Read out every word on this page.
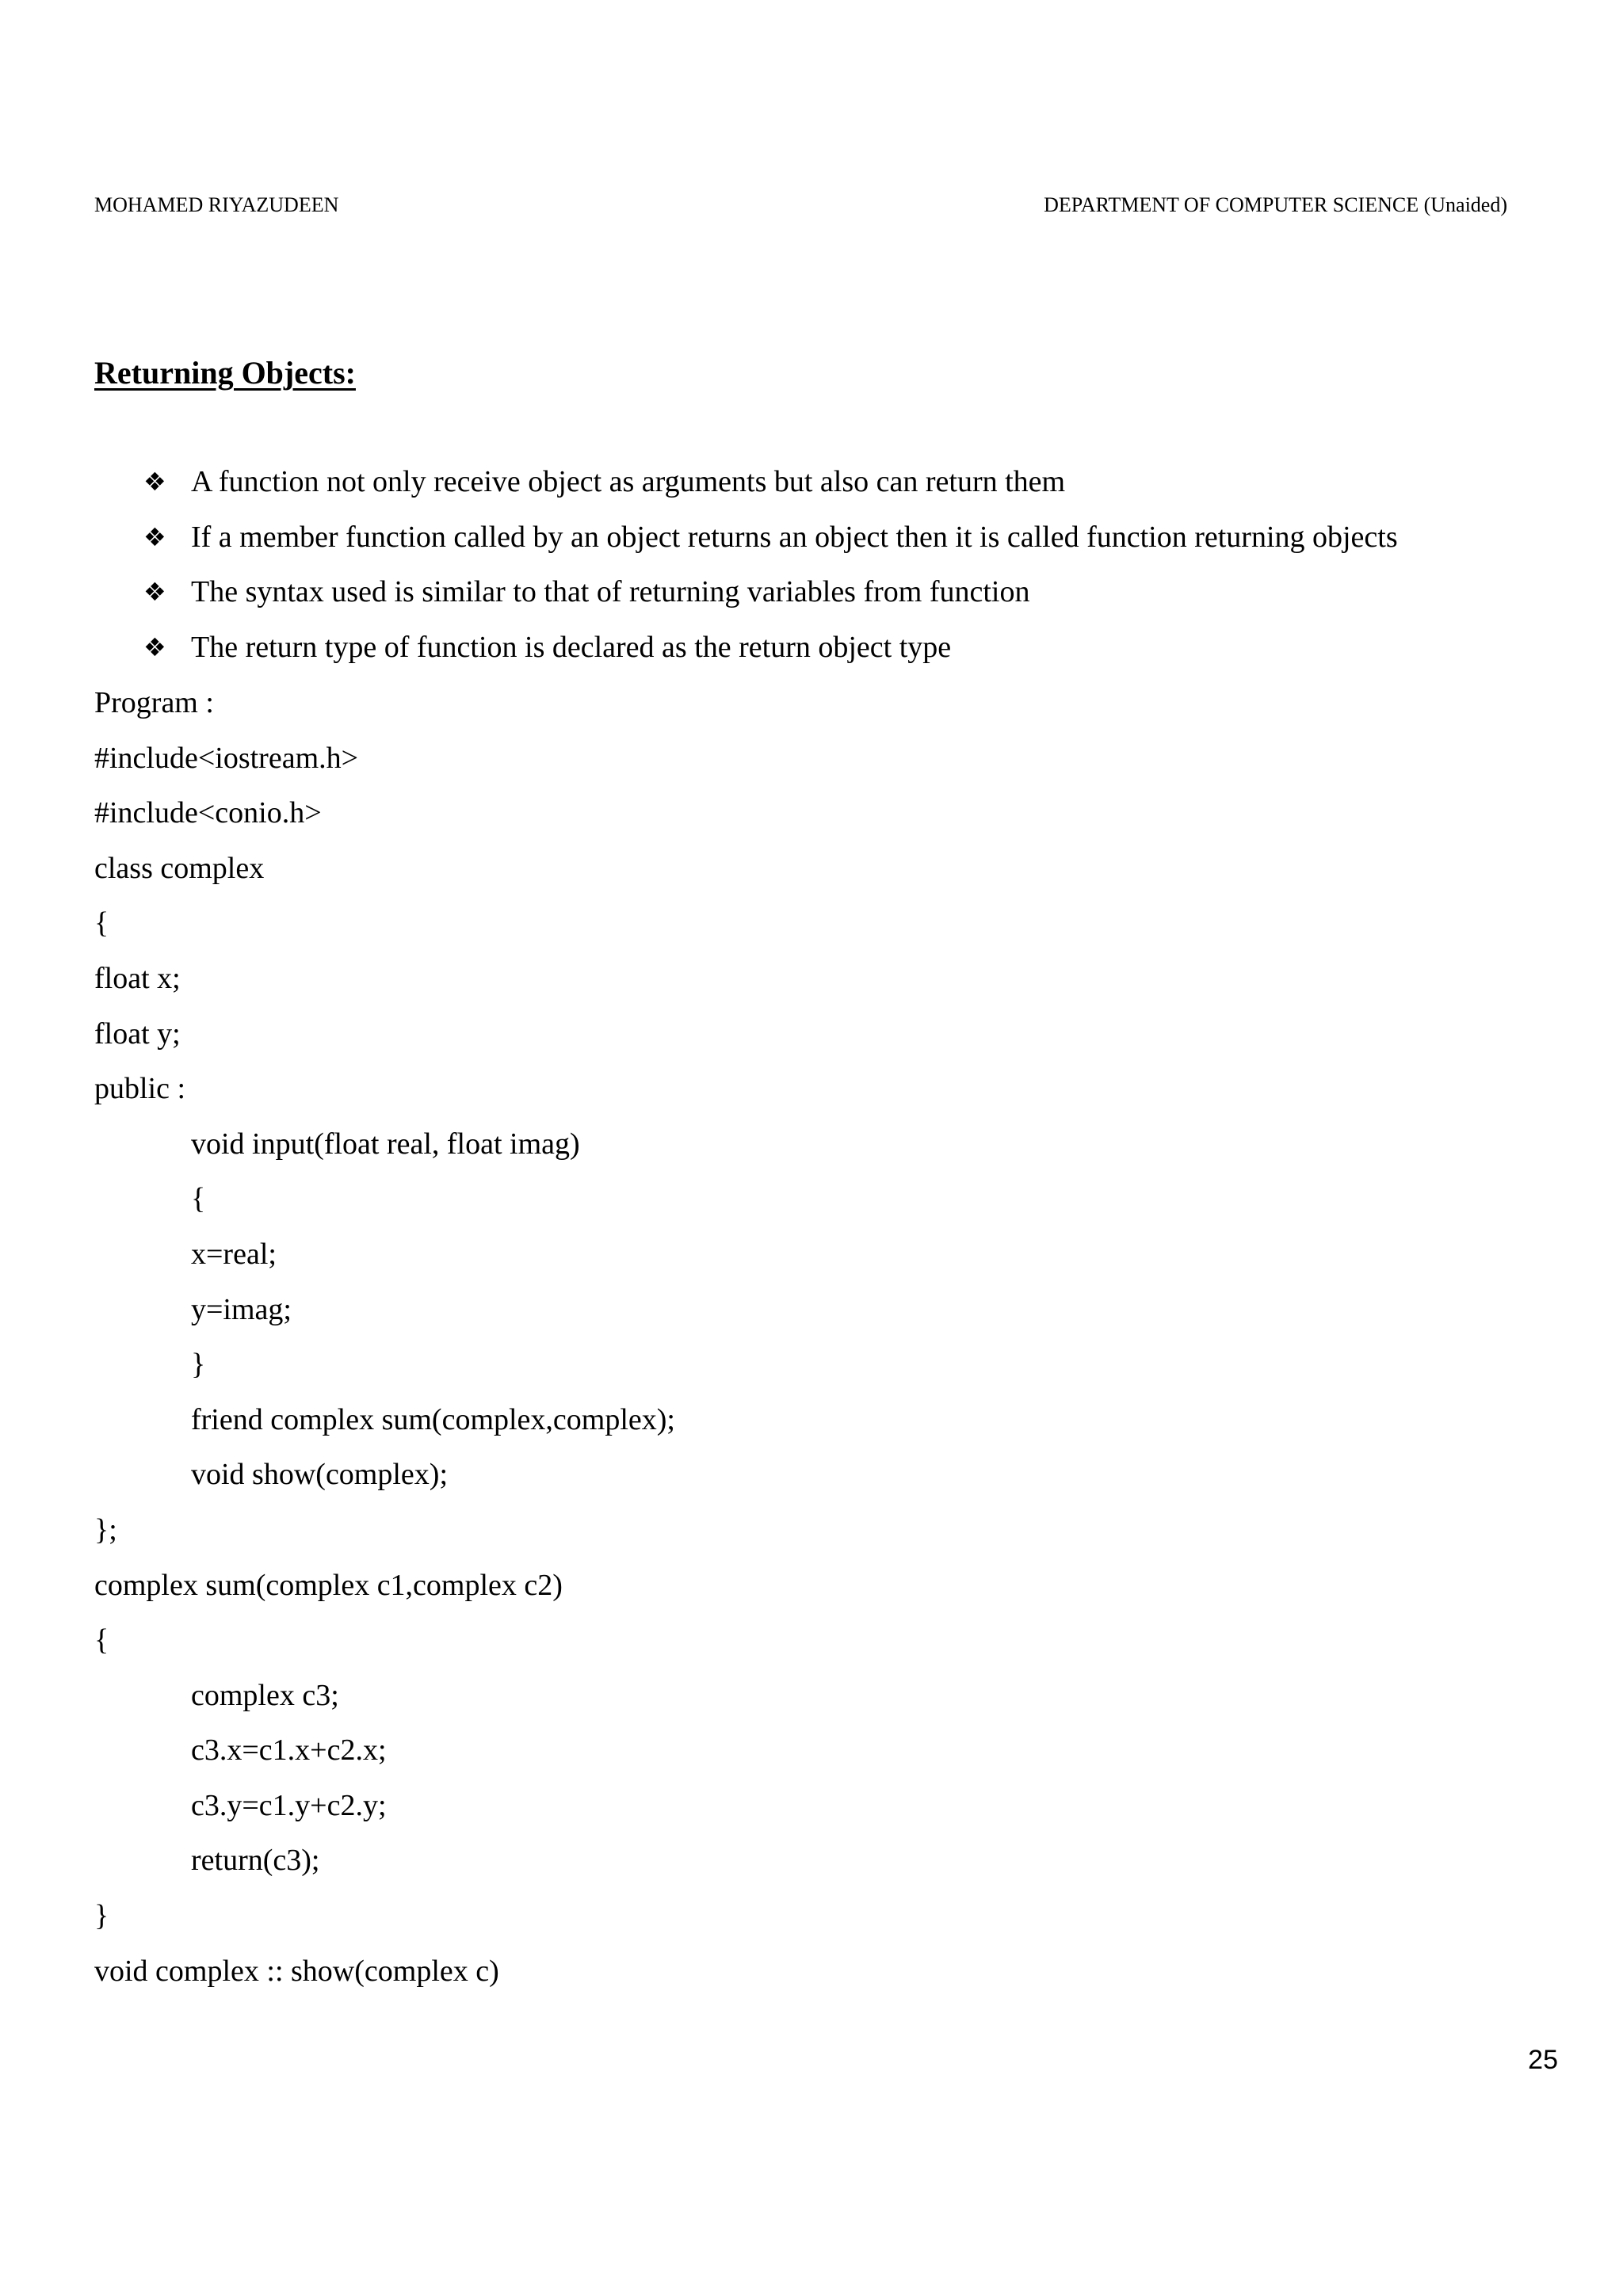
MOHAMED RIYAZUDEEN	DEPARTMENT OF COMPUTER SCIENCE (Unaided)
Returning Objects:
❖ A function not only receive object as arguments but also can return them
❖ If a member function called by an object returns an object then it is called function returning objects
❖ The syntax used is similar to that of returning variables from function
❖ The return type of function is declared as the return object type
Program :
#include<iostream.h>
#include<conio.h>
class complex
{
float x;
float y;
public :
void input(float real, float imag)
{
x=real;
y=imag;
}
friend complex sum(complex,complex);
void show(complex);
};
complex sum(complex c1,complex c2)
{
complex c3;
c3.x=c1.x+c2.x;
c3.y=c1.y+c2.y;
return(c3);
}
void complex :: show(complex c)
25
